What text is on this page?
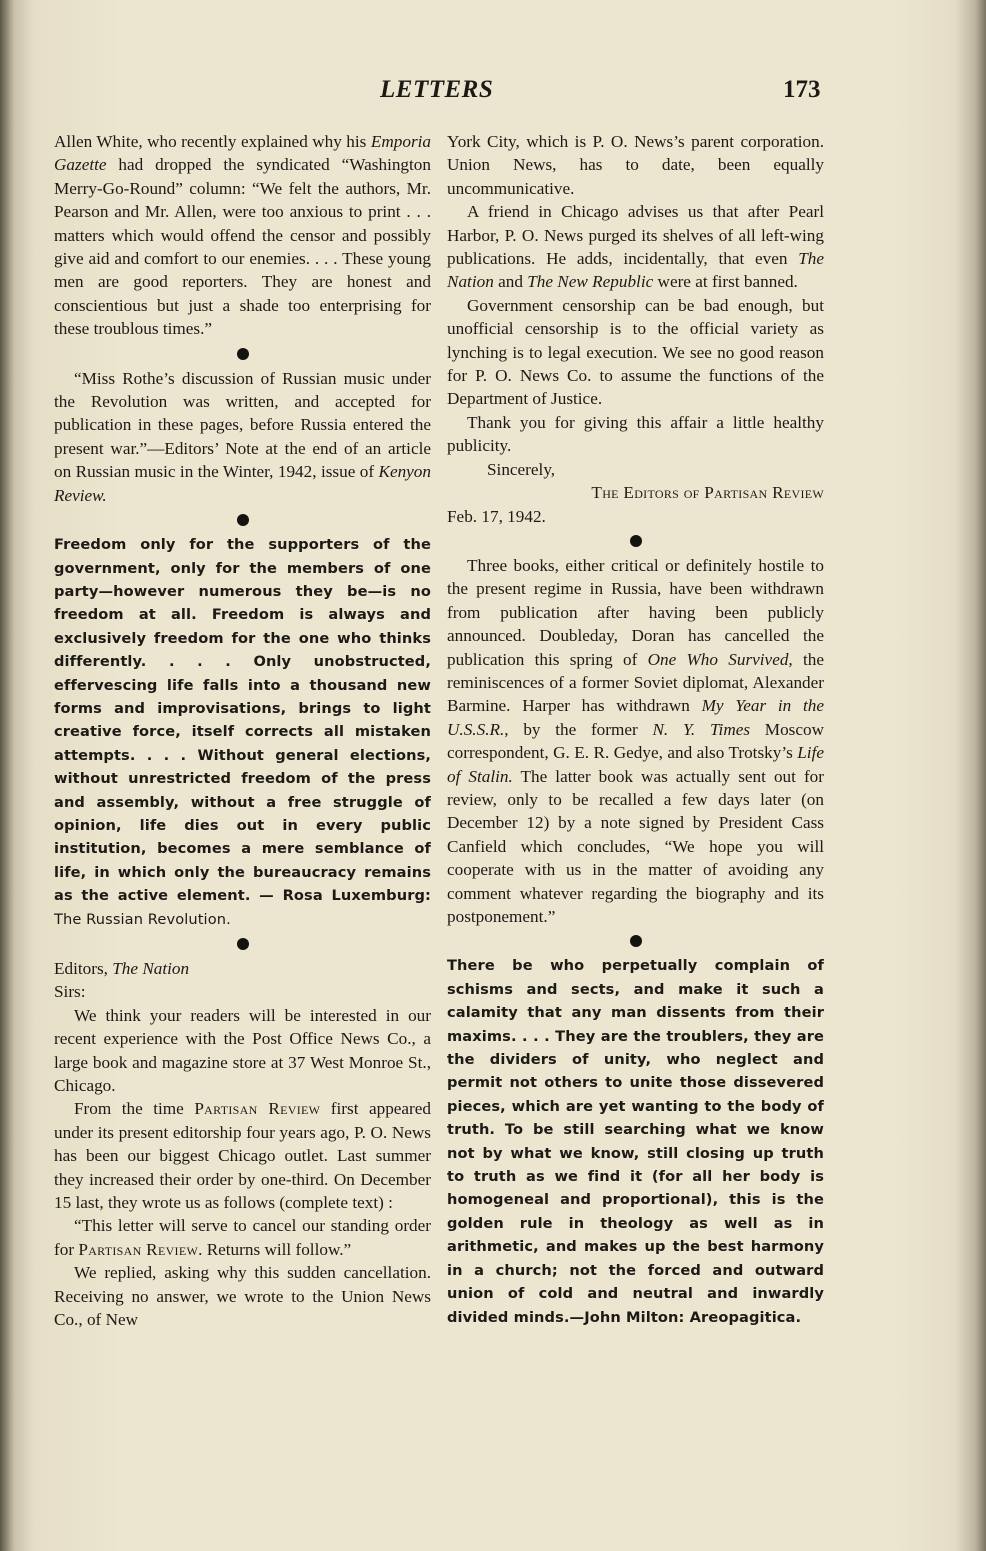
LETTERS	173

Allen White, who recently explained why his Emporia Gazette had dropped the syndicated “Washington Merry-Go-Round” column: “We felt the authors, Mr. Pearson and Mr. Allen, were too anxious to print . . . matters which would offend the censor and possibly give aid and comfort to our enemies. . . . These young men are good reporters. They are honest and conscientious but just a shade too enterprising for these troublous times.”

“Miss Rothe’s discussion of Russian music under the Revolution was written, and accepted for publication in these pages, before Russia entered the present war.”—Editors’ Note at the end of an article on Russian music in the Winter, 1942, issue of Kenyon Review.

Freedom only for the supporters of the government, only for the members of one party—however numerous they be—is no freedom at all. Freedom is always and exclusively freedom for the one who thinks differently. . . . Only unobstructed, effervescing life falls into a thousand new forms and improvisations, brings to light creative force, itself corrects all mistaken attempts. . . . Without general elections, without unrestricted freedom of the press and assembly, without a free struggle of opinion, life dies out in every public institution, becomes a mere semblance of life, in which only the bureaucracy remains as the active element. — Rosa Luxemburg: The Russian Revolution.

Editors, The Nation

Sirs:

We think your readers will be interested in our recent experience with the Post Office News Co., a large book and magazine store at 37 West Monroe St., Chicago.

From the time Partisan Review first appeared under its present editorship four years ago, P. O. News has been our biggest Chicago outlet. Last summer they increased their order by one-third. On December 15 last, they wrote us as follows (complete text) :

“This letter will serve to cancel our standing order for Partisan Review. Returns will follow.”

We replied, asking why this sudden cancellation. Receiving no answer, we wrote to the Union News Co., of New

York City, which is P. O. News’s parent corporation. Union News, has to date, been equally uncommunicative.

A friend in Chicago advises us that after Pearl Harbor, P. O. News purged its shelves of all left-wing publications. He adds, incidentally, that even The Nation and The New Republic were at first banned.

Government censorship can be bad enough, but unofficial censorship is to the official variety as lynching is to legal execution. We see no good reason for P. O. News Co. to assume the functions of the Department of Justice.

Thank you for giving this affair a little healthy publicity.

Sincerely,

The Editors of Partisan Review

Feb. 17, 1942.

Three books, either critical or definitely hostile to the present regime in Russia, have been withdrawn from publication after having been publicly announced. Doubleday, Doran has cancelled the publication this spring of One Who Survived, the reminiscences of a former Soviet diplomat, Alexander Barmine. Harper has withdrawn My Year in the U.S.S.R., by the former N. Y. Times Moscow correspondent, G. E. R. Gedye, and also Trotsky’s Life of Stalin. The latter book was actually sent out for review, only to be recalled a few days later (on December 12) by a note signed by President Cass Canfield which concludes, “We hope you will cooperate with us in the matter of avoiding any comment whatever regarding the biography and its postponement.”

There be who perpetually complain of schisms and sects, and make it such a calamity that any man dissents from their maxims. . . . They are the troublers, they are the dividers of unity, who neglect and permit not others to unite those dissevered pieces, which are yet wanting to the body of truth. To be still searching what we know not by what we know, still closing up truth to truth as we find it (for all her body is homogeneal and proportional), this is the golden rule in theology as well as in arithmetic, and makes up the best harmony in a church; not the forced and outward union of cold and neutral and inwardly divided minds.—John Milton: Areopagitica.
